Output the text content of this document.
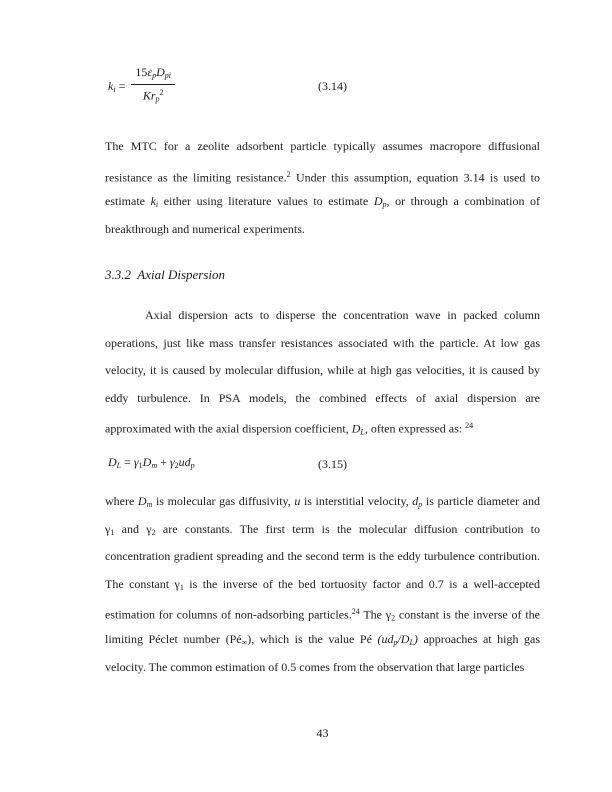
ki = $\frac{\text{15εpDpi}}{Krp^2}$	(3.14)
The MTC for a zeolite adsorbent particle typically assumes macropore diffusional
resistance as the limiting resistance.$^2$ Under this assumption, equation 3.14 is used to
estimate ki either using literature values to estimate Dp, or through a combination of
breakthrough and numerical experiments.
3.3.2  Axial Dispersion
Axial dispersion acts to disperse the concentration wave in packed column
operations, just like mass transfer resistances associated with the particle. At low gas
velocity, it is caused by molecular diffusion, while at high gas velocities, it is caused by
eddy turbulence. In PSA models, the combined effects of axial dispersion are
approximated with the axial dispersion coefficient, DL, often expressed as: $^{24}$
DL = γ1Dm + γ2udp	(3.15)
where Dm is molecular gas diffusivity, u is interstitial velocity, dp is particle diameter and
γ1 and γ2 are constants. The first term is the molecular diffusion contribution to
concentration gradient spreading and the second term is the eddy turbulence contribution.
The constant γ1 is the inverse of the bed tortuosity factor and 0.7 is a well-accepted
estimation for columns of non-adsorbing particles.$^{24}$ The γ2 constant is the inverse of the
limiting Péclet number (Pé∞), which is the value Pé (udp/DL) approaches at high gas
velocity. The common estimation of 0.5 comes from the observation that large particles
43
